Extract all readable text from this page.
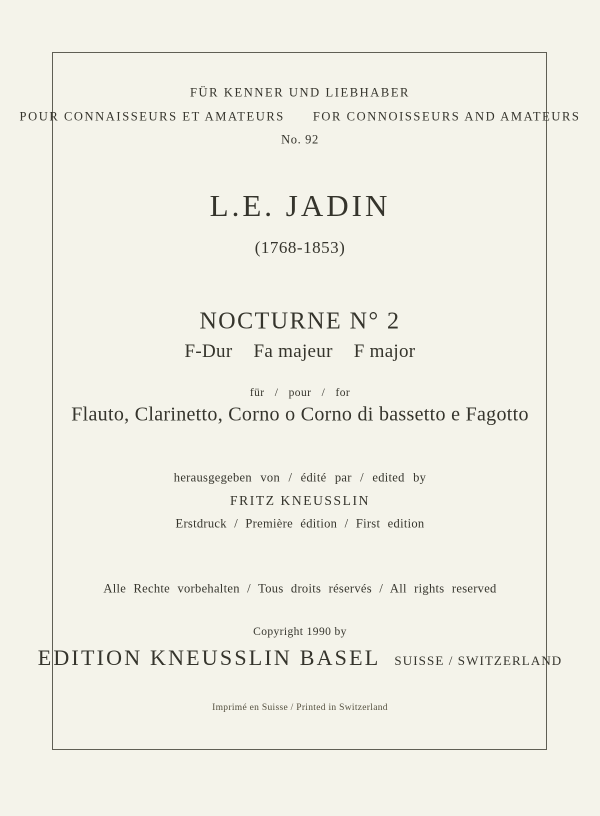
FÜR KENNER UND LIEBHABER
POUR CONNAISSEURS ET AMATEURS FOR CONNOISSEURS AND AMATEURS
No. 92
L.E. JADIN
(1768-1853)
NOCTURNE N° 2
F-Dur Fa majeur F major
für / pour / for
Flauto, Clarinetto, Corno o Corno di bassetto e Fagotto
herausgegeben von / édité par / edited by
FRITZ KNEUSSLIN
Erstdruck / Première édition / First edition
Alle Rechte vorbehalten / Tous droits réservés / All rights reserved
Copyright 1990 by
EDITION KNEUSSLIN BASEL SUISSE / SWITZERLAND
Imprimé en Suisse / Printed in Switzerland
